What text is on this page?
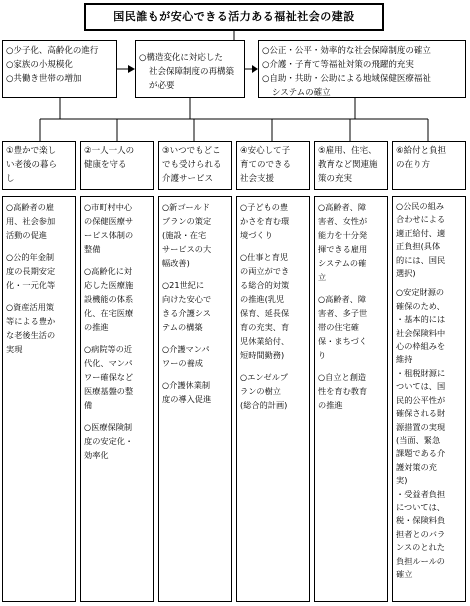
国民誰もが安心できる活力ある福祉社会の建設
○少子化、高齢化の進行
○家族の小規模化
○共働き世帯の増加
○構造変化に対応した
社会保障制度の再構築
が必要
○公正・公平・効率的な社会保障制度の確立
○介護・子育て等福祉対策の飛躍的充実
○自助・共助・公助による地域保健医療福祉
システムの確立
①豊かで楽し
い老後の暮ら
し
②一人一人の
健康を守る
③いつでもどこ
でも受けられる
介護サービス
④安心して子
育てのできる
社会支援
⑤雇用、住宅、
教育など関連施
策の充実
⑥給付と負担
の在り方
○高齢者の雇
用、社会参加
活動の促進
○公的年金制
度の長期安定
化・一元化等
○資産活用策
等による豊か
な老後生活の
実現
○市町村中心
の保健医療サ
ービス体制の
整備
○高齢化に対
応した医療施
設機能の体系
化、在宅医療
の推進
○病院等の近
代化、マンパ
ワー確保など
医療基盤の整
備
○医療保険制
度の安定化・
効率化
○新ゴールド
プランの策定
(施設・在宅
サービスの大
幅改善)
○21世紀に
向けた安心で
きる介護シス
テムの構築
○介護マンパ
ワーの養成
○介護休業制
度の導入促進
○子どもの豊
かさを育む環
境づくり
○仕事と育児
の両立ができ
る総合的対策
の推進(乳児
保育、延長保
育の充実、育
児休業給付、
短時間勤務)
○エンゼルプ
ランの樹立
(総合的計画)
○高齢者、障
害者、女性が
能力を十分発
揮できる雇用
システムの確
立
○高齢者、障
害者、多子世
帯の住宅確
保・まちづく
り
○自立と創造
性を育む教育
の推進
○公民の組み
合わせによる
適正給付、適
正負担(具体
的には、国民
選択)
○安定財源の
確保のため、
・基本的には
社会保険料中
心の枠組みを
維持
・租税財源に
ついては、国
民的公平性が
確保される財
源措置の実現
(当面、緊急
課題である介
護対策の充
実)
・受益者負担
については、
税・保険料負
担者とのバラ
ンスのとれた
負担ルールの
確立
